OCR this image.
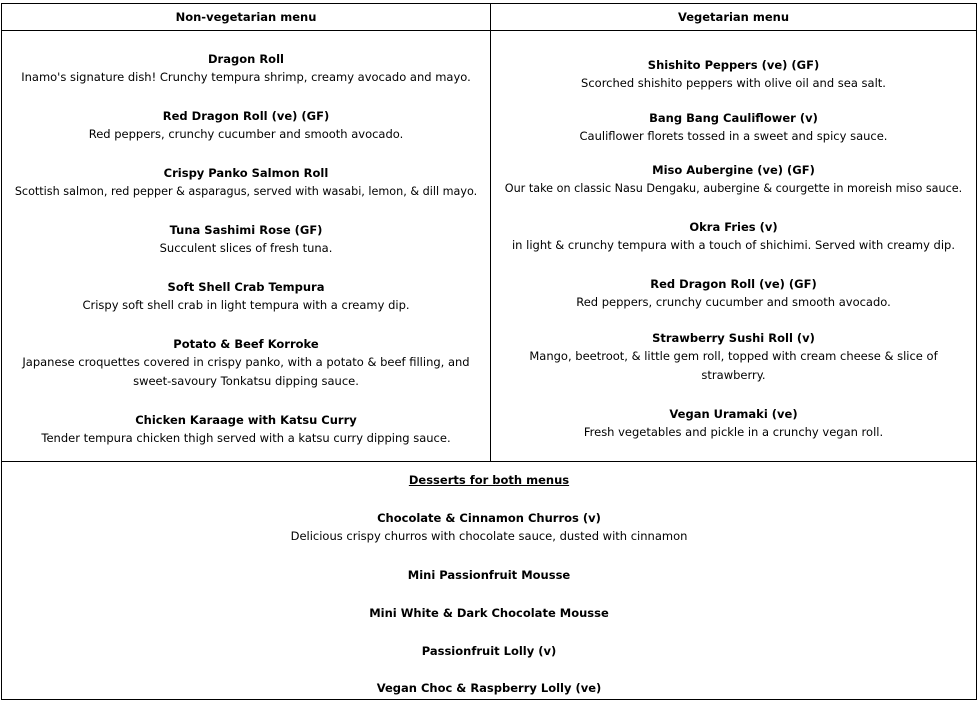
Non-vegetarian menu	Vegetarian menu
Dragon Roll
Inamo's signature dish! Crunchy tempura shrimp, creamy avocado and mayo.
Red Dragon Roll (ve) (GF)
Red peppers, crunchy cucumber and smooth avocado.
Crispy Panko Salmon Roll
Scottish salmon, red pepper & asparagus, served with wasabi, lemon, & dill mayo.
Tuna Sashimi Rose (GF)
Succulent slices of fresh tuna.
Soft Shell Crab Tempura
Crispy soft shell crab in light tempura with a creamy dip.
Potato & Beef Korroke
Japanese croquettes covered in crispy panko, with a potato & beef filling, and sweet-savoury Tonkatsu dipping sauce.
Chicken Karaage with Katsu Curry
Tender tempura chicken thigh served with a katsu curry dipping sauce.
Shishito Peppers (ve) (GF)
Scorched shishito peppers with olive oil and sea salt.
Bang Bang Cauliflower (v)
Cauliflower florets tossed in a sweet and spicy sauce.
Miso Aubergine (ve) (GF)
Our take on classic Nasu Dengaku, aubergine & courgette in moreish miso sauce.
Okra Fries (v)
in light & crunchy tempura with a touch of shichimi. Served with creamy dip.
Red Dragon Roll (ve) (GF)
Red peppers, crunchy cucumber and smooth avocado.
Strawberry Sushi Roll (v)
Mango, beetroot, & little gem roll, topped with cream cheese & slice of strawberry.
Vegan Uramaki (ve)
Fresh vegetables and pickle in a crunchy vegan roll.
Desserts for both menus
Chocolate & Cinnamon Churros (v)
Delicious crispy churros with chocolate sauce, dusted with cinnamon
Mini Passionfruit Mousse
Mini White & Dark Chocolate Mousse
Passionfruit Lolly (v)
Vegan Choc & Raspberry Lolly (ve)
